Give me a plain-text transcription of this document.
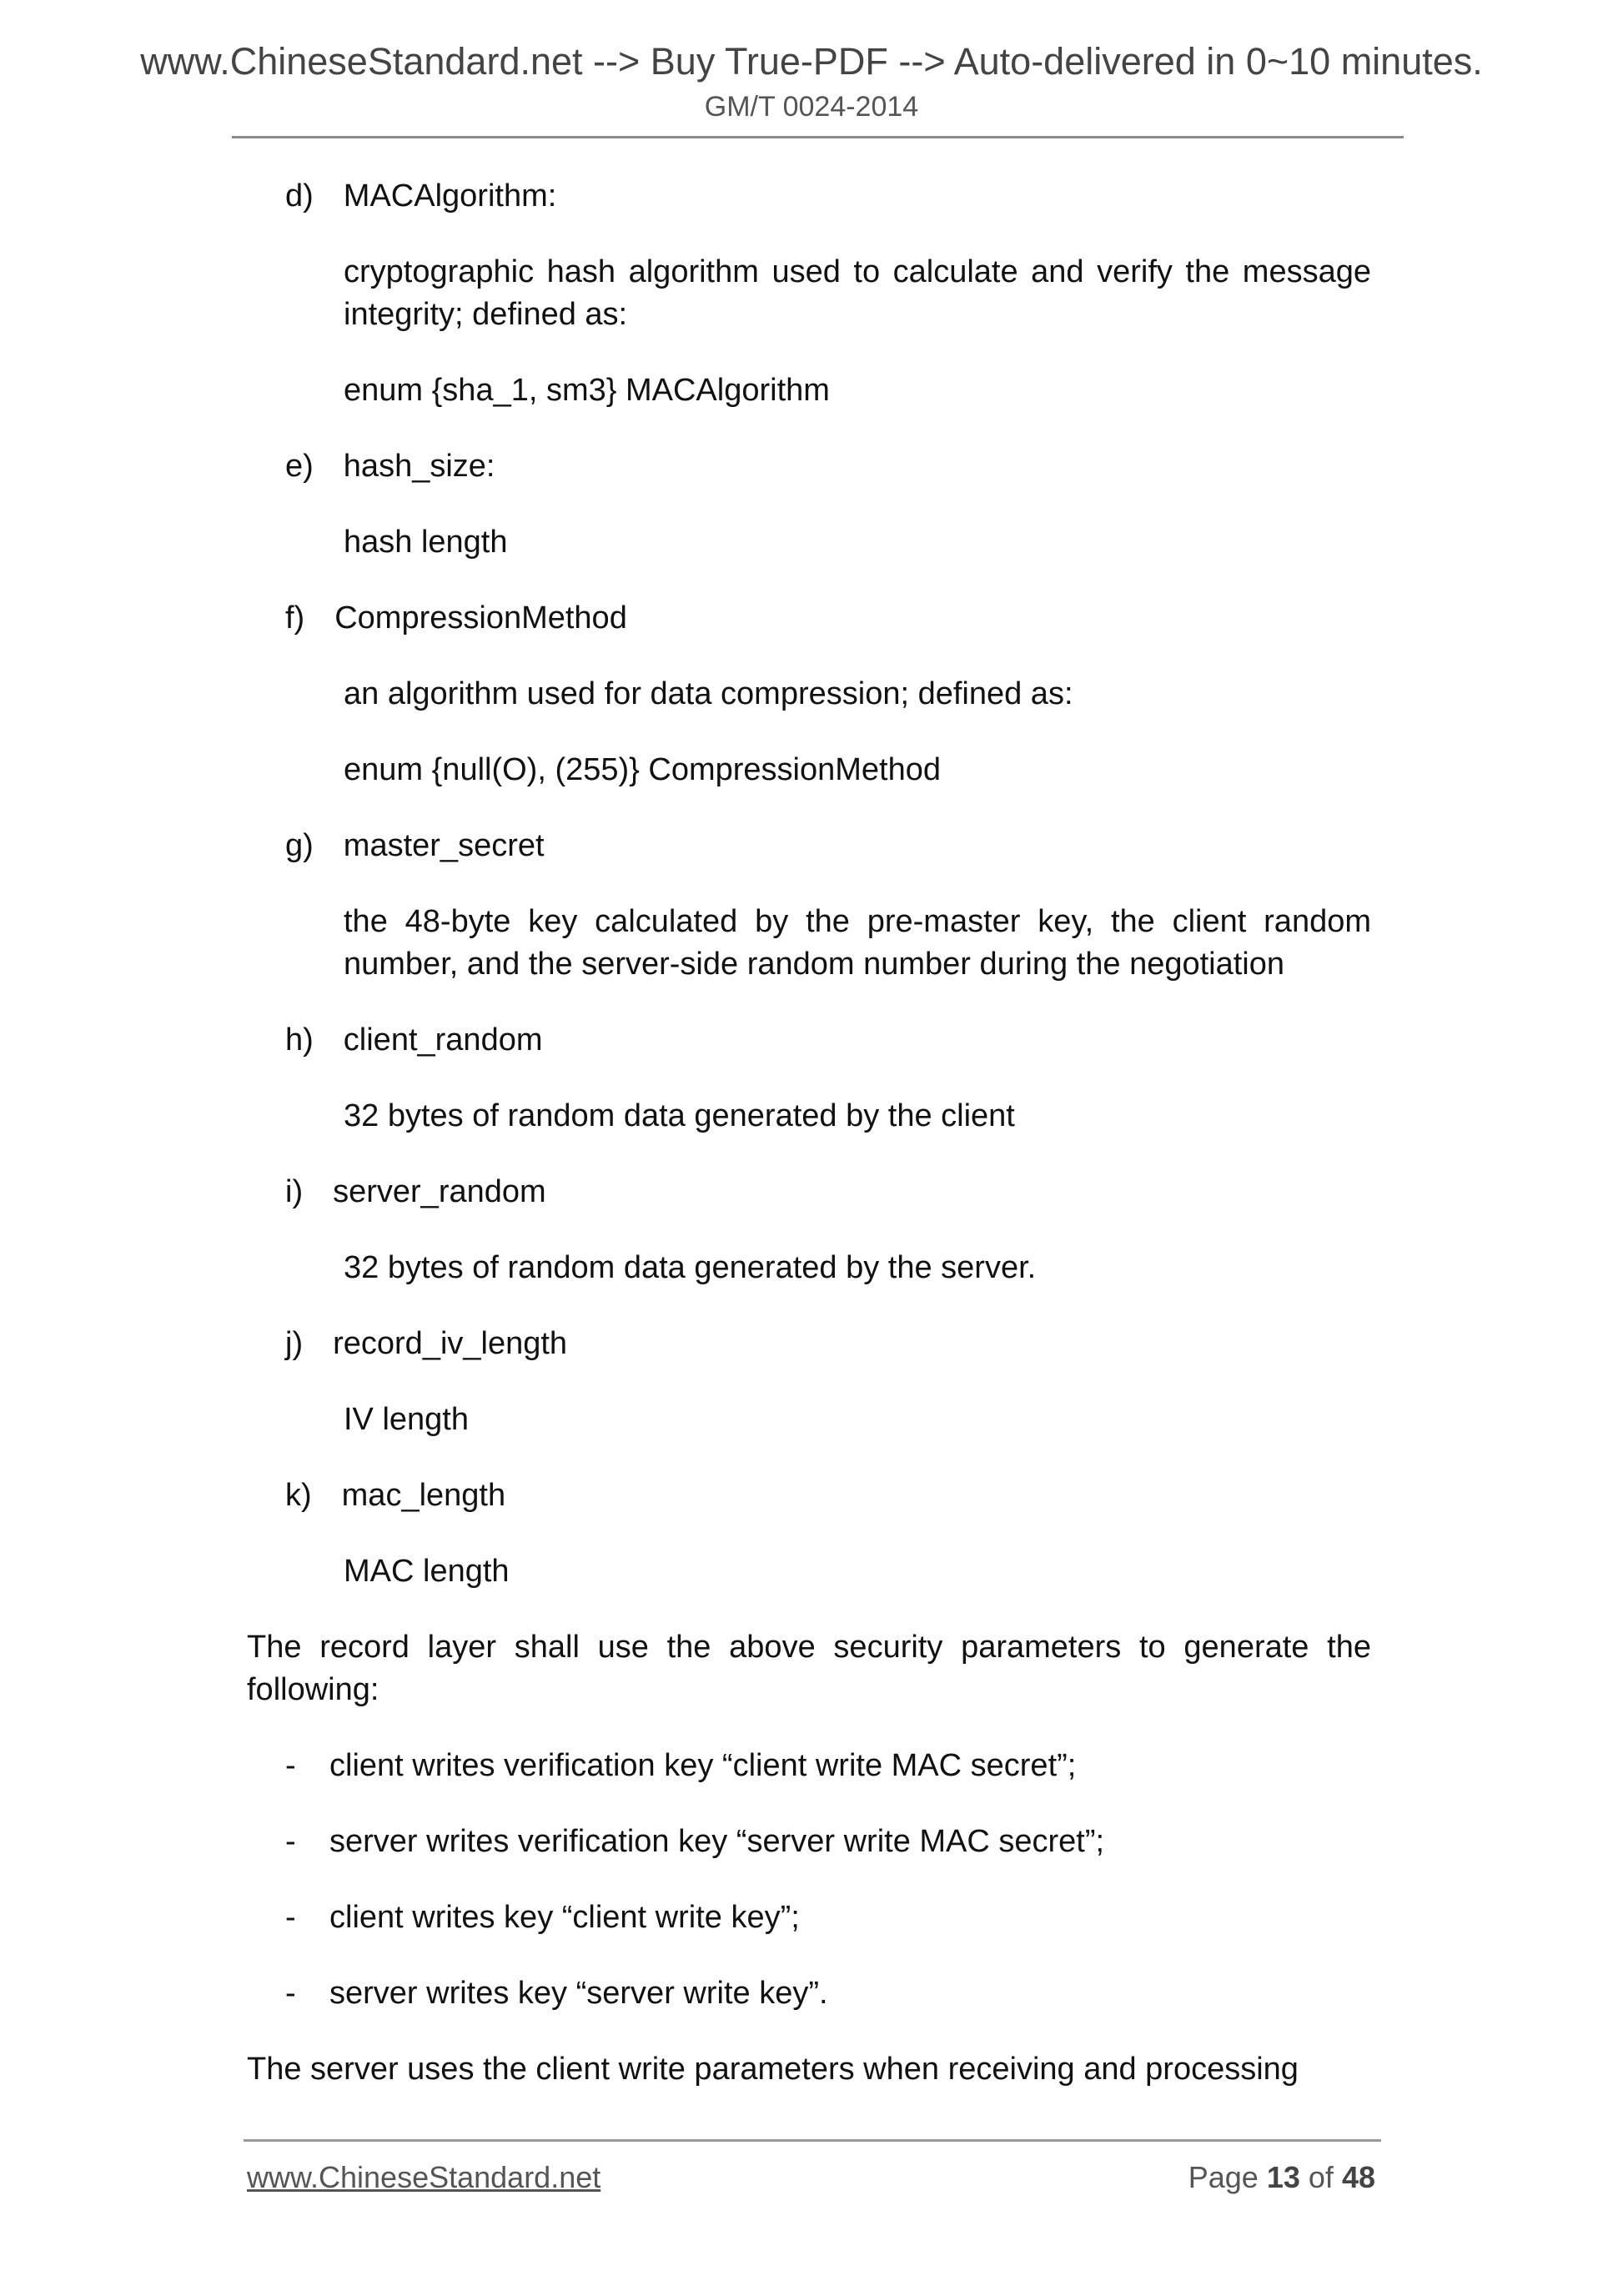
www.ChineseStandard.net --> Buy True-PDF --> Auto-delivered in 0~10 minutes.
GM/T 0024-2014
d) MACAlgorithm:
cryptographic hash algorithm used to calculate and verify the message integrity; defined as:
enum {sha_1, sm3} MACAlgorithm
e) hash_size:
hash length
f) CompressionMethod
an algorithm used for data compression; defined as:
enum {null(O), (255)} CompressionMethod
g) master_secret
the 48-byte key calculated by the pre-master key, the client random number, and the server-side random number during the negotiation
h) client_random
32 bytes of random data generated by the client
i) server_random
32 bytes of random data generated by the server.
j) record_iv_length
IV length
k) mac_length
MAC length
The record layer shall use the above security parameters to generate the following:
- client writes verification key “client write MAC secret”;
- server writes verification key “server write MAC secret”;
- client writes key “client write key”;
- server writes key “server write key”.
The server uses the client write parameters when receiving and processing
www.ChineseStandard.net	Page 13 of 48
